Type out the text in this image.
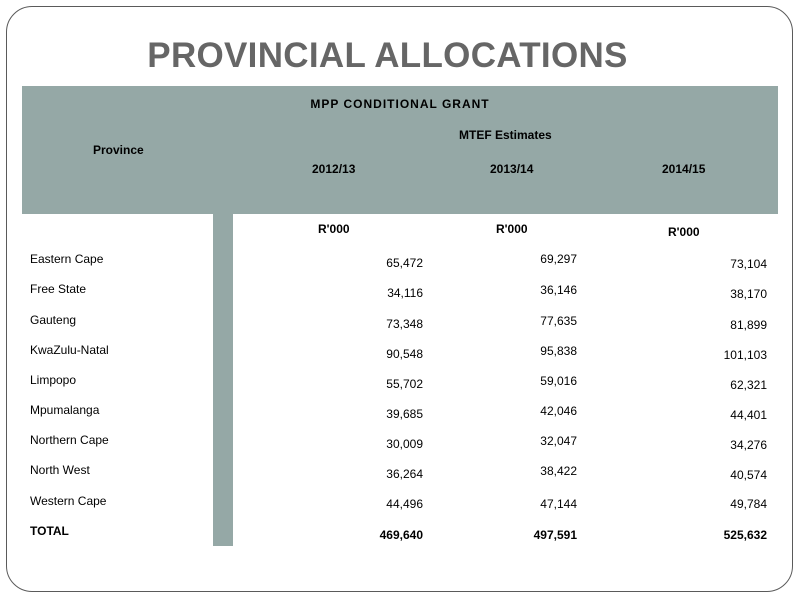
PROVINCIAL ALLOCATIONS
MPP CONDITIONAL GRANT
Province
MTEF Estimates
2012/13	2013/14	2014/15
R'000	R'000	R'000
Eastern Cape	65,472	69,297	73,104
Free State	34,116	36,146	38,170
Gauteng	73,348	77,635	81,899
KwaZulu-Natal	90,548	95,838	101,103
Limpopo	55,702	59,016	62,321
Mpumalanga	39,685	42,046	44,401
Northern Cape	30,009	32,047	34,276
North West	36,264	38,422	40,574
Western Cape	44,496	47,144	49,784
TOTAL	469,640	497,591	525,632
